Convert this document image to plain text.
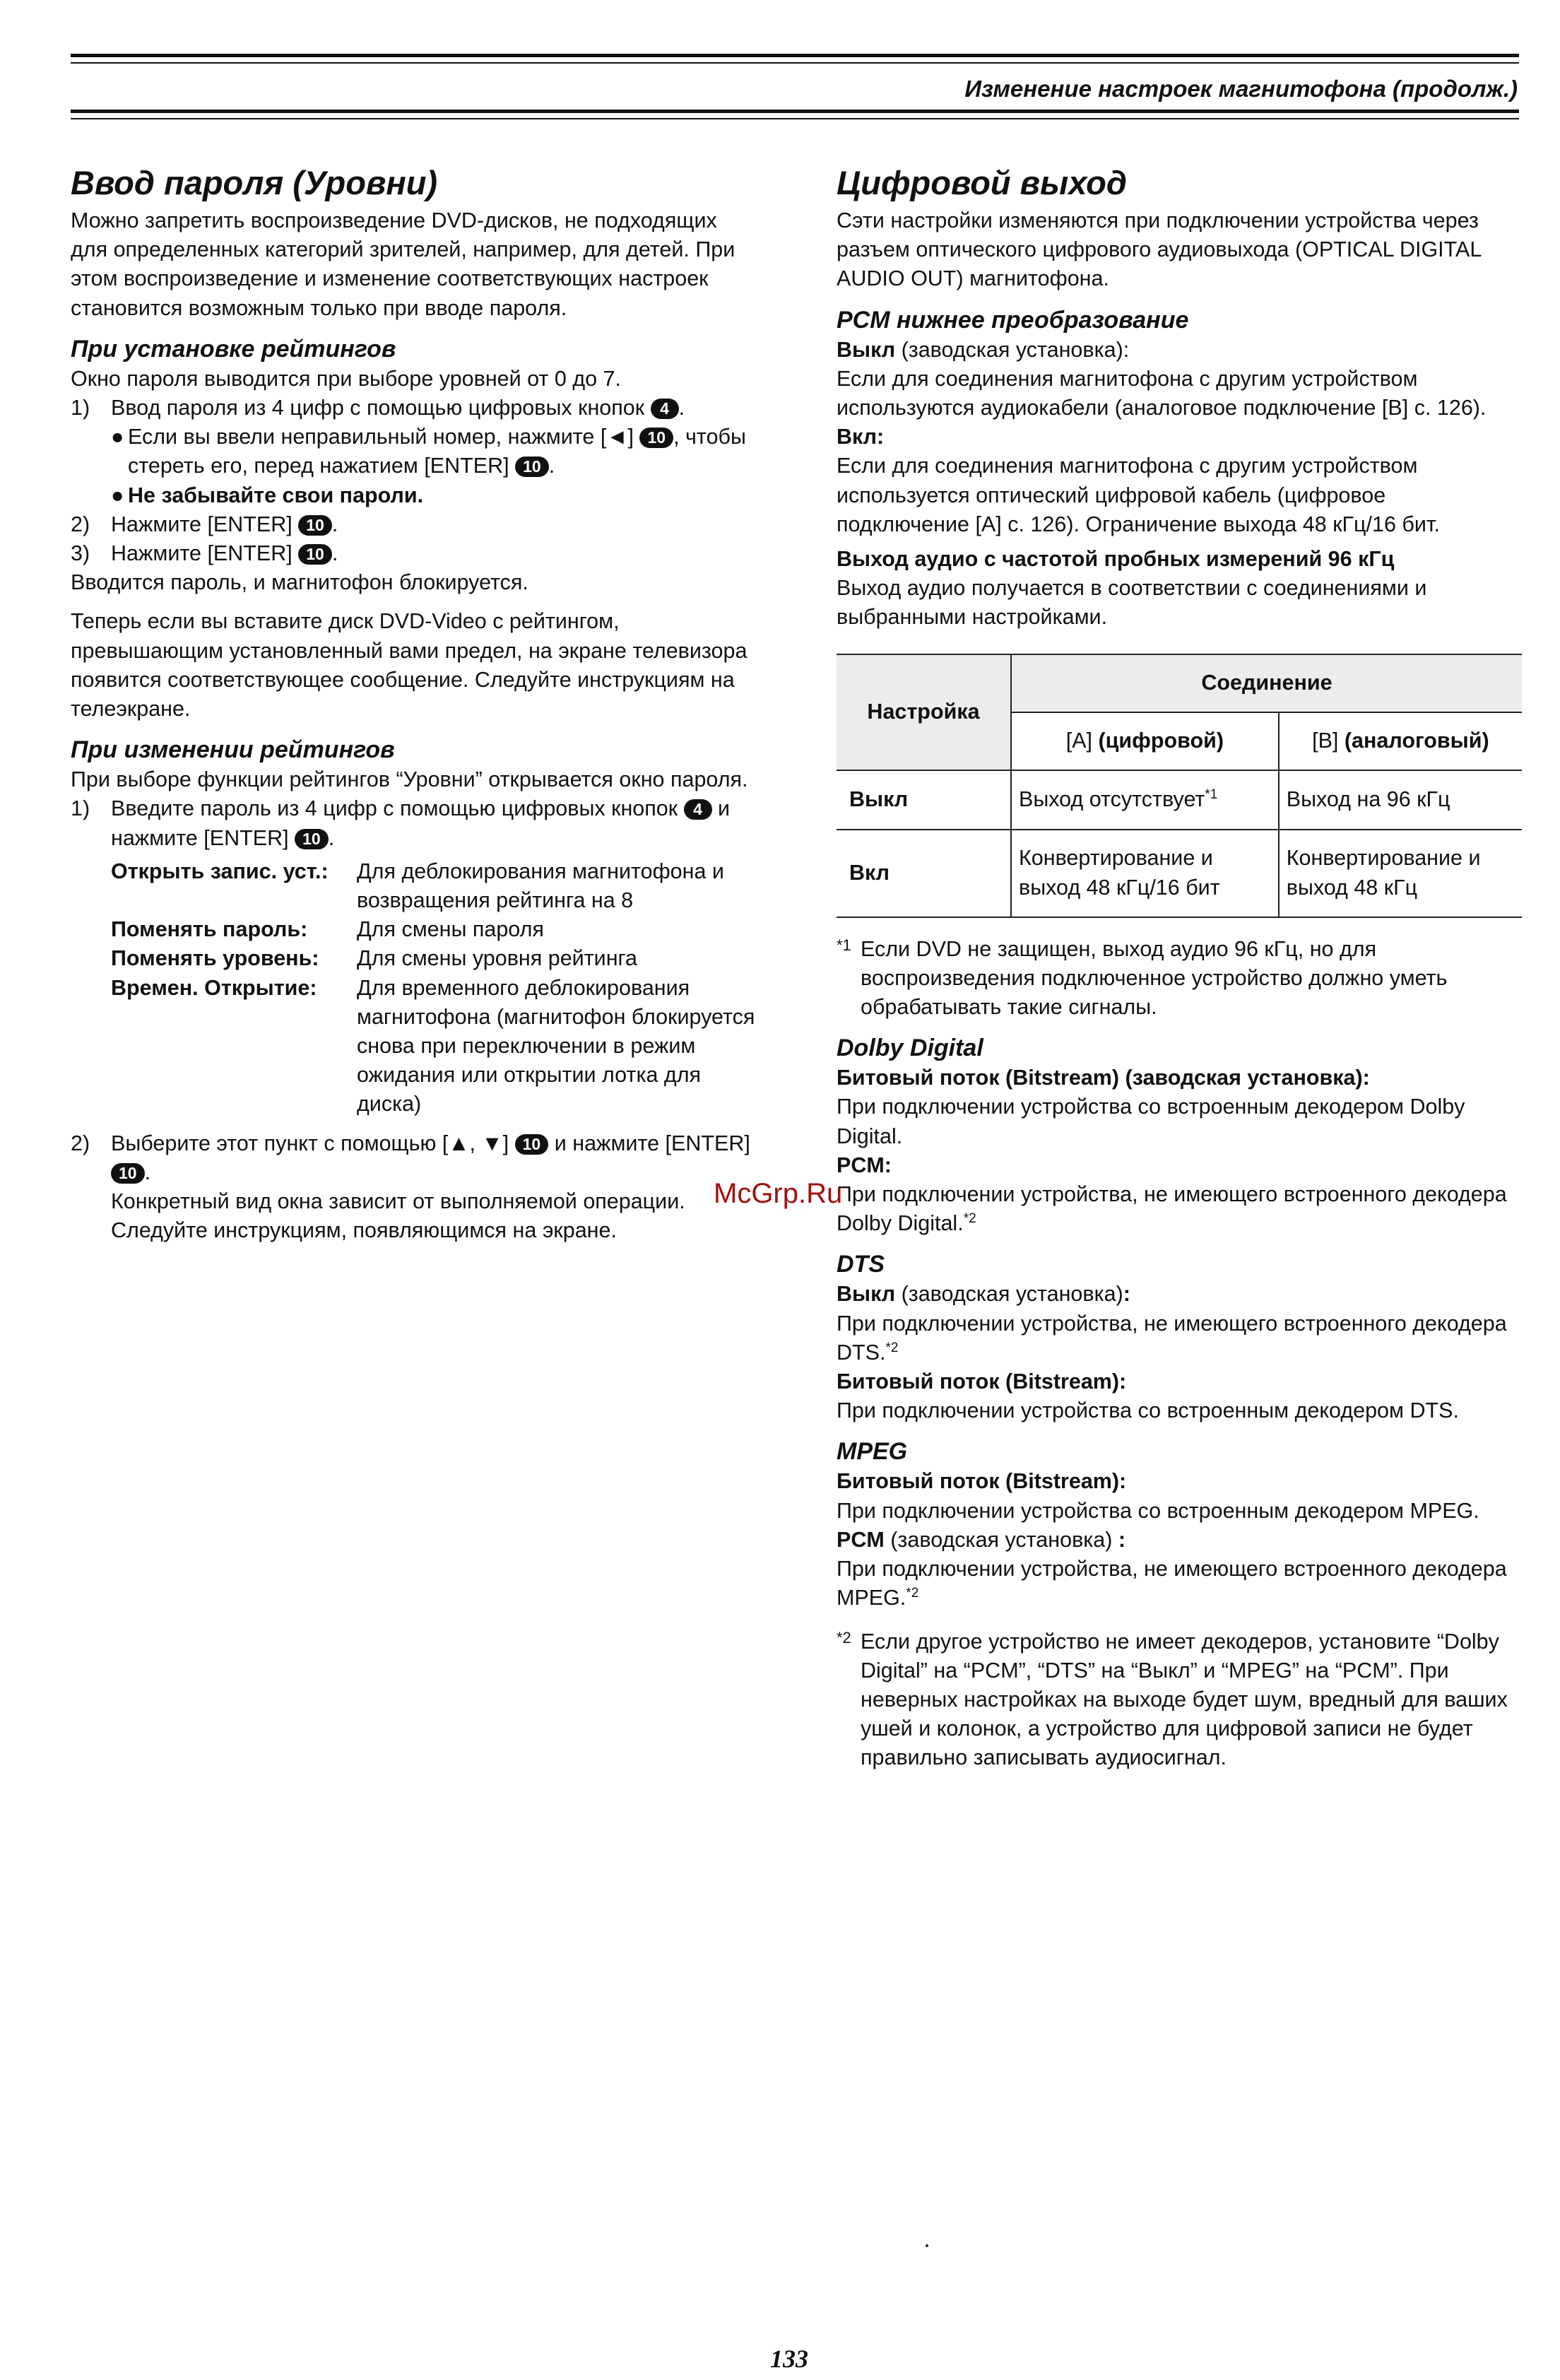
Изменение настроек магнитофона (продолж.)
Ввод пароля (Уровни)

Можно запретить воспроизведение DVD-дисков, не подходящих для определенных категорий зрителей, например, для детей. При этом воспроизведение и изменение соответствующих настроек становится возможным только при вводе пароля.

При установке рейтингов

Окно пароля выводится при выборе уровней от 0 до 7.

1) Ввод пароля из 4 цифр с помощью цифровых кнопок 4 .
● Если вы ввели неправильный номер, нажмите [◄] 10 , чтобы стереть его, перед нажатием [ENTER] 10 .
● Не забывайте свои пароли.
2) Нажмите [ENTER] 10 .
3) Нажмите [ENTER] 10 .

Вводится пароль, и магнитофон блокируется.

Теперь если вы вставите диск DVD-Video с рейтингом, превышающим установленный вами предел, на экране телевизора появится соответствующее сообщение. Следуйте инструкциям на телеэкране.

При изменении рейтингов

При выборе функции рейтингов “Уровни” открывается окно пароля.

1) Введите пароль из 4 цифр с помощью цифровых кнопок 4 и нажмите [ENTER] 10 .
Открыть запис. уст.:	Для деблокирования магнитофона и возвращения рейтинга на 8
Поменять пароль:	Для смены пароля
Поменять уровень:	Для смены уровня рейтинга
Времен. Открытие:	Для временного деблокирования магнитофона (магнитофон блокируется снова при переключении в режим ожидания или открытии лотка для диска)
2) Выберите этот пункт с помощью [▲, ▼] 10 и нажмите [ENTER] 10 .

Конкретный вид окна зависит от выполняемой операции. Следуйте инструкциям, появляющимся на экране.

Цифровой выход

Сэти настройки изменяются при подключении устройства через разъем оптического цифрового аудиовыхода (OPTICAL DIGITAL AUDIO OUT) магнитофона.

PCM нижнее преобразование

Выкл (заводская установка):

Если для соединения магнитофона с другим устройством используются аудиокабели (аналоговое подключение [B] с. 126).

Вкл:

Если для соединения магнитофона с другим устройством используется оптический цифровой кабель (цифровое подключение [A] с. 126). Ограничение выхода 48 кГц/16 бит.

Выход аудио с частотой пробных измерений 96 кГц

Выход аудио получается в соответствии с соединениями и выбранными настройками.

Настройка	Соединение	
	[A] (цифровой)	[B] (аналоговый)
Выкл	Выход отсутствует$^{*1}$	Выход на 96 кГц
Вкл	Конвертирование и выход 48 кГц/16 бит	Конвертирование и выход 48 кГц
*1 Если DVD не защищен, выход аудио 96 кГц, но для воспроизведения подключенное устройство должно уметь обрабатывать такие сигналы.
Dolby Digital

Битовый поток (Bitstream) (заводская установка):

При подключении устройства со встроенным декодером Dolby Digital.

PCM:

При подключении устройства, не имеющего встроенного декодера Dolby Digital.$^{*2}$

DTS

Выкл (заводская установка):

При подключении устройства, не имеющего встроенного декодера DTS.$^{*2}$

Битовый поток (Bitstream):

При подключении устройства со встроенным декодером DTS.

MPEG

Битовый поток (Bitstream):

При подключении устройства со встроенным декодером MPEG.

PCM (заводская установка) :

При подключении устройства, не имеющего встроенного декодера MPEG.$^{*2}$

*2 Если другое устройство не имеет декодеров, установите “Dolby Digital” на “PCM”, “DTS” на “Выкл” и “MPEG” на “PCM”. При неверных настройках на выходе будет шум, вредный для ваших ушей и колонок, а устройство для цифровой записи не будет правильно записывать аудиосигнал.
McGrp.Ru
133
